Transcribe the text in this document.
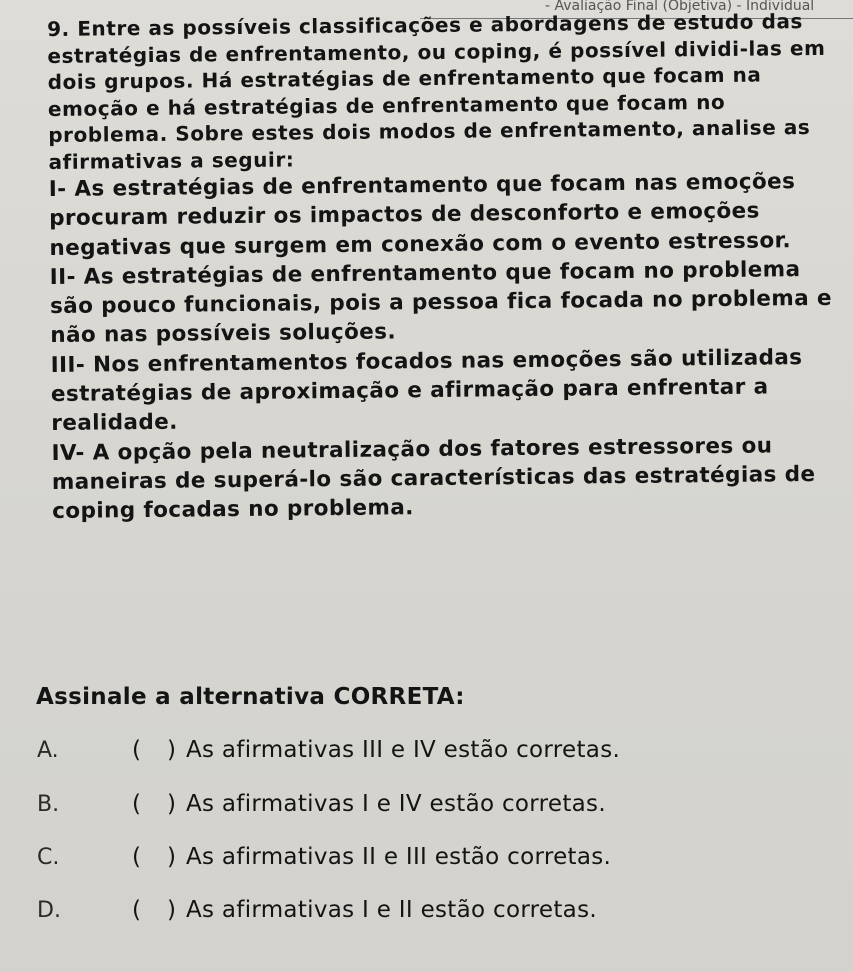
- Avaliação Final (Objetiva) - Individual

9. Entre as possíveis classificações e abordagens de estudo das estratégias de enfrentamento, ou coping, é possível dividi-las em dois grupos. Há estratégias de enfrentamento que focam na emoção e há estratégias de enfrentamento que focam no problema. Sobre estes dois modos de enfrentamento, analise as afirmativas a seguir:

I- As estratégias de enfrentamento que focam nas emoções procuram reduzir os impactos de desconforto e emoções negativas que surgem em conexão com o evento estressor.

II- As estratégias de enfrentamento que focam no problema são pouco funcionais, pois a pessoa fica focada no problema e não nas possíveis soluções.

III- Nos enfrentamentos focados nas emoções são utilizadas estratégias de aproximação e afirmação para enfrentar a realidade.

IV- A opção pela neutralização dos fatores estressores ou maneiras de superá-lo são características das estratégias de coping focadas no problema.

Assinale a alternativa CORRETA:
A.	( ) As afirmativas III e IV estão corretas.
B.	( ) As afirmativas I e IV estão corretas.
C.	( ) As afirmativas II e III estão corretas.
D.	( ) As afirmativas I e II estão corretas.
